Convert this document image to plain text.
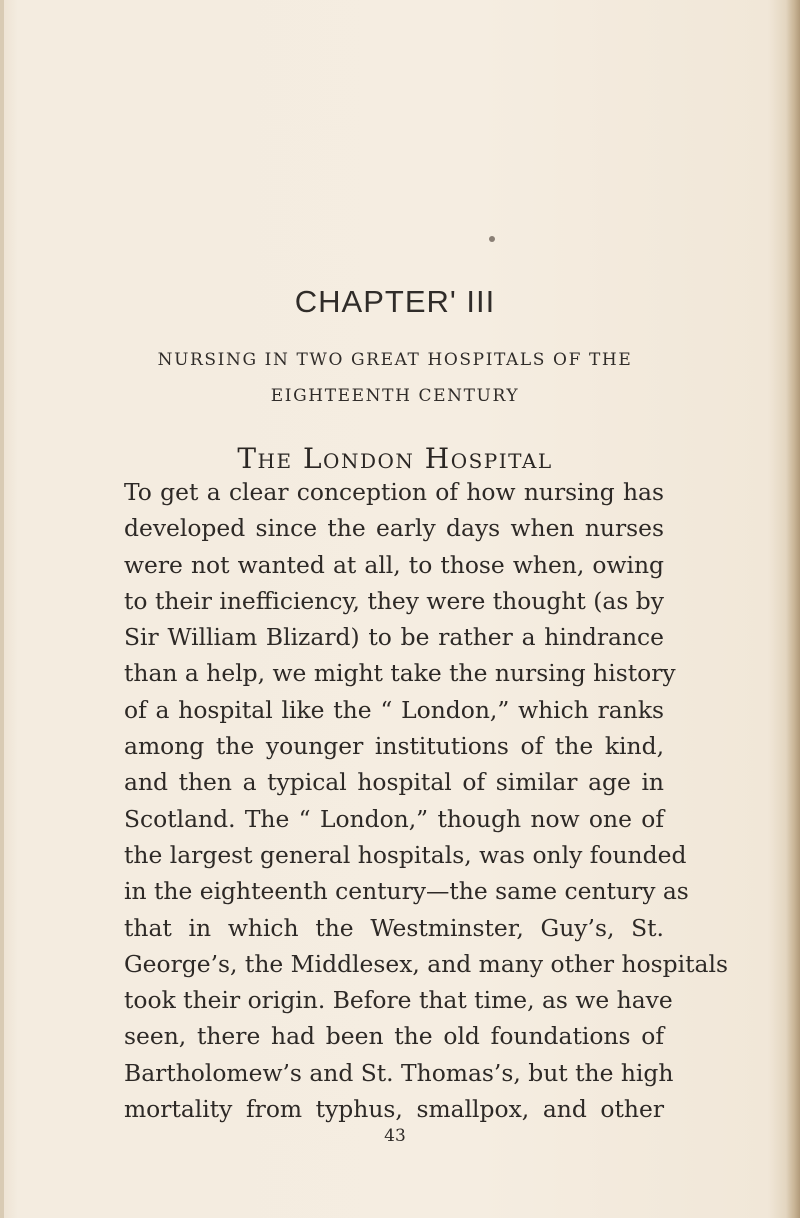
CHAPTER' III
NURSING IN TWO GREAT HOSPITALS OF THE
EIGHTEENTH CENTURY
The London Hospital

To get a clear conception of how nursing has
developed since the early days when nurses
were not wanted at all, to those when, owing
to their inefficiency, they were thought (as by
Sir William Blizard) to be rather a hindrance
than a help, we might take the nursing history
of a hospital like the “ London,” which ranks
among the younger institutions of the kind,
and then a typical hospital of similar age in
Scotland. The “ London,” though now one of
the largest general hospitals, was only founded
in the eighteenth century—the same century as
that in which the Westminster, Guy’s, St.
George’s, the Middlesex, and many other hospitals
took their origin. Before that time, as we have
seen, there had been the old foundations of
Bartholomew’s and St. Thomas’s, but the high
mortality from typhus, smallpox, and other

43
